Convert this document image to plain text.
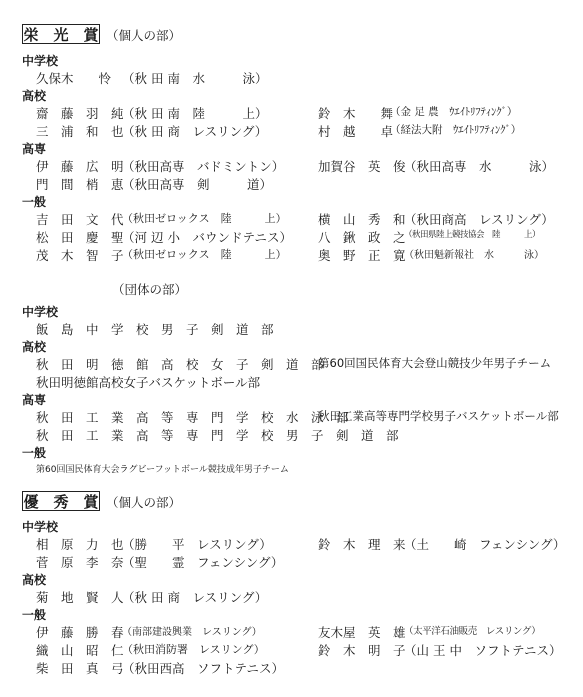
栄　光　賞 （個人の部）
中学校
久保木　　怜 （秋 田 南　水　　　泳）
高校
齋　藤　羽　純
（秋 田 南　陸　　　上）
三　浦　和　也
（秋 田 商　レスリング）
鈴　木　　舞
（金 足 農　ｳｴｲﾄﾘﾌﾃｨﾝｸﾞ）
村　越　　卓
（経法大附　ｳｴｲﾄﾘﾌﾃｨﾝｸﾞ）
高専
伊　藤　広　明
（秋田高専　バドミントン）
門　間　梢　恵
（秋田高専　剣　　　道）
加賀谷　英　俊
（秋田高専　水　　　泳）
一般
吉　田　文　代
（秋田ゼロックス　陸　　　上）
松　田　慶　聖
（河 辺 小　バウンドテニス）
茂　木　智　子
（秋田ゼロックス　陸　　　上）
横　山　秀　和
（秋田商高　レスリング）
八　鍬　政　之
（秋田県陸上競技協会　陸　　　上）
奥　野　正　寛
（秋田魁新報社　水　　　泳）
（団体の部）
中学校
飯　島　中　学　校　男　子　剣　道　部
高校
秋　田　明　徳　館　高　校　女　子　剣　道　部
秋田明徳館高校女子バスケットボール部
第60回国民体育大会登山競技少年男子チーム
高専
秋　田　工　業　高　等　専　門　学　校　水　泳　部
秋　田　工　業　高　等　専　門　学　校　男　子　剣　道　部
秋田工業高等専門学校男子バスケットボール部
一般
第60回国民体育大会ラグビーフットボール競技成年男子チーム
優　秀　賞 （個人の部）
中学校
相　原　力　也
（勝　　平　レスリング）
菅　原　李　奈
（聖　　霊　フェンシング）
鈴　木　理　来
（土　　崎　フェンシング）
高校
菊　地　賢　人
（秋 田 商　レスリング）
一般
伊　藤　勝　春
（南部建設興業　レスリング）
織　山　昭　仁
（秋田消防署　レスリング）
柴　田　真　弓
（秋田西高　ソフトテニス）
友木屋　英　雄
（太平洋石油販売　レスリング）
鈴　木　明　子
（山 王 中　ソフトテニス）
